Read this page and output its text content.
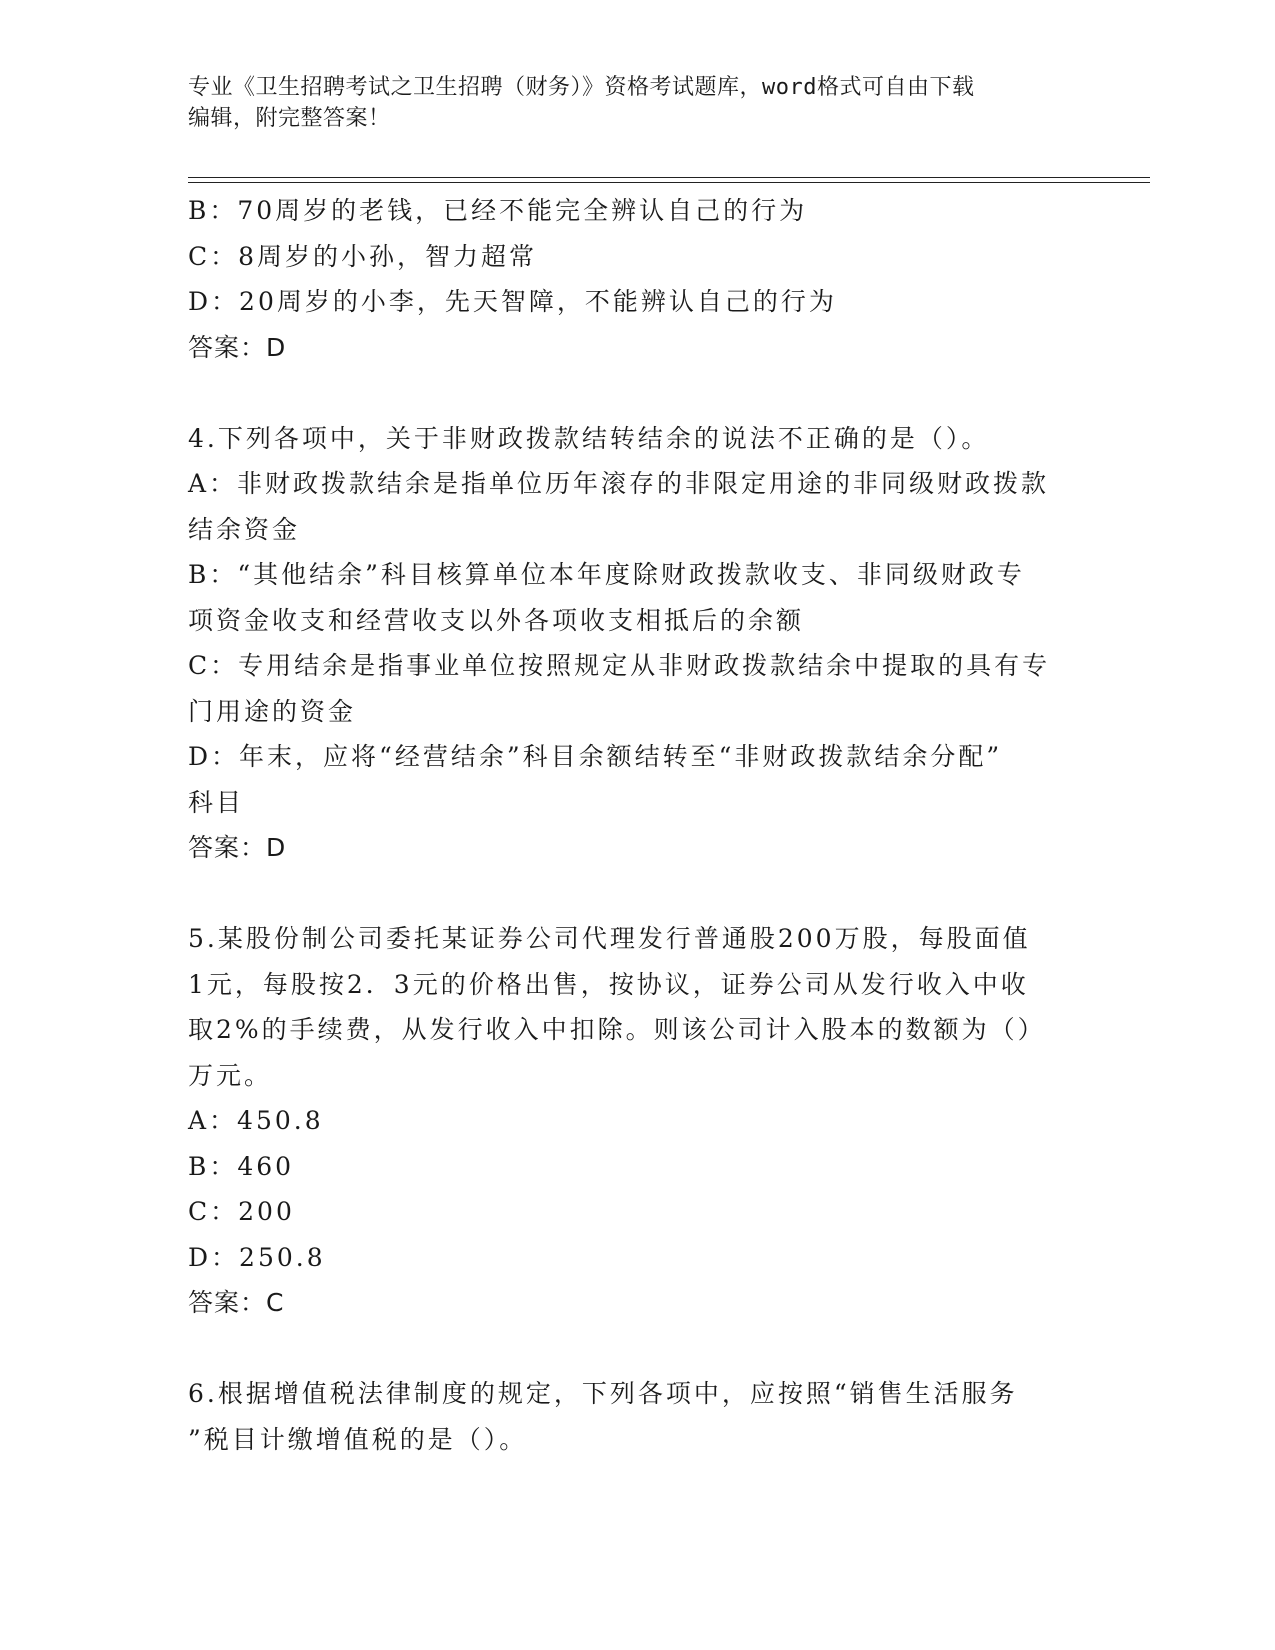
专业《卫生招聘考试之卫生招聘（财务）》资格考试题库，word格式可自由下载
编辑，附完整答案！
B：70周岁的老钱，已经不能完全辨认自己的行为
C：8周岁的小孙，智力超常
D：20周岁的小李，先天智障，不能辨认自己的行为
答案：D
4.下列各项中，关于非财政拨款结转结余的说法不正确的是（）。
A：非财政拨款结余是指单位历年滚存的非限定用途的非同级财政拨款
结余资金
B：“其他结余”科目核算单位本年度除财政拨款收支、非同级财政专
项资金收支和经营收支以外各项收支相抵后的余额
C：专用结余是指事业单位按照规定从非财政拨款结余中提取的具有专
门用途的资金
D：年末，应将“经营结余”科目余额结转至“非财政拨款结余分配”
科目
答案：D
5.某股份制公司委托某证券公司代理发行普通股200万股，每股面值
1元，每股按2．3元的价格出售，按协议，证券公司从发行收入中收
取2%的手续费，从发行收入中扣除。则该公司计入股本的数额为（）
万元。
A：450.8
B：460
C：200
D：250.8
答案：C
6.根据增值税法律制度的规定，下列各项中，应按照“销售生活服务
”税目计缴增值税的是（）。
